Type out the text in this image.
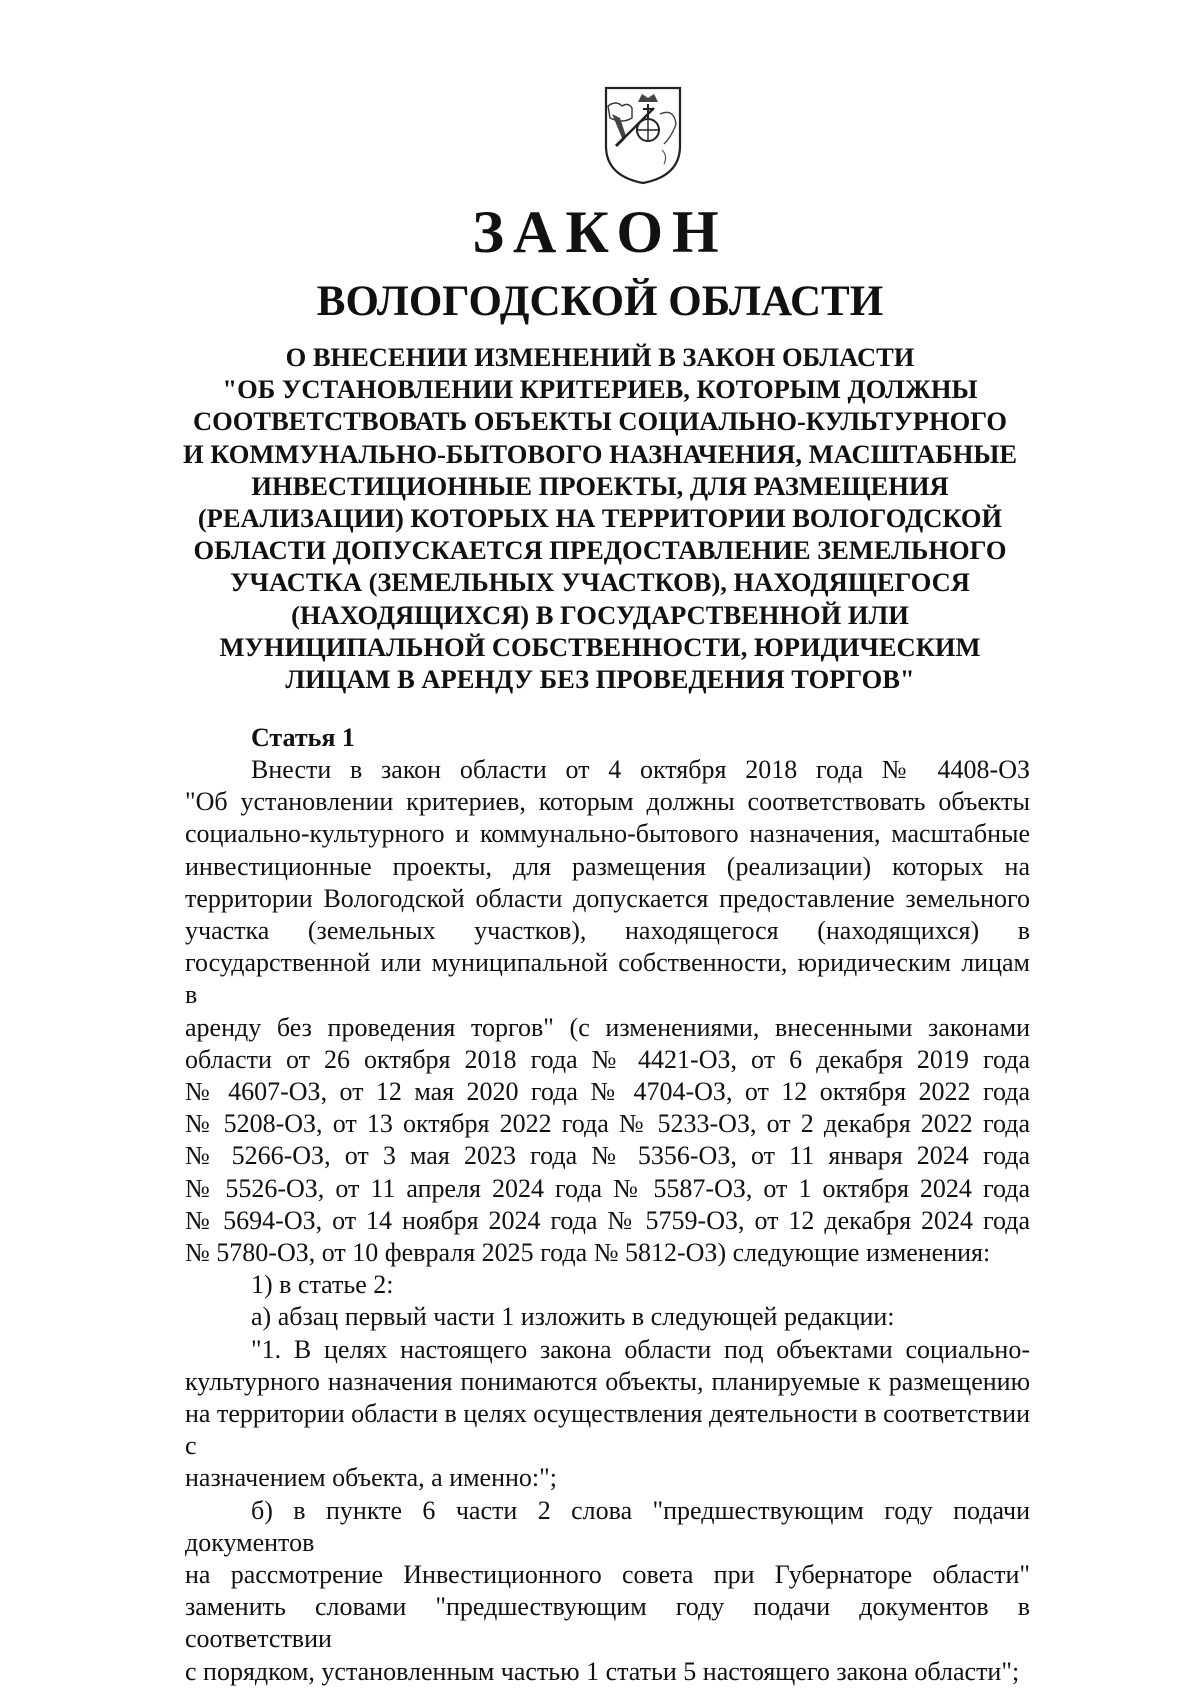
ЗАКОН
ВОЛОГОДСКОЙ ОБЛАСТИ
О ВНЕСЕНИИ ИЗМЕНЕНИЙ В ЗАКОН ОБЛАСТИ
"ОБ УСТАНОВЛЕНИИ КРИТЕРИЕВ, КОТОРЫМ ДОЛЖНЫ
СООТВЕТСТВОВАТЬ ОБЪЕКТЫ СОЦИАЛЬНО-КУЛЬТУРНОГО
И КОММУНАЛЬНО-БЫТОВОГО НАЗНАЧЕНИЯ, МАСШТАБНЫЕ
ИНВЕСТИЦИОННЫЕ ПРОЕКТЫ, ДЛЯ РАЗМЕЩЕНИЯ
(РЕАЛИЗАЦИИ) КОТОРЫХ НА ТЕРРИТОРИИ ВОЛОГОДСКОЙ
ОБЛАСТИ ДОПУСКАЕТСЯ ПРЕДОСТАВЛЕНИЕ ЗЕМЕЛЬНОГО
УЧАСТКА (ЗЕМЕЛЬНЫХ УЧАСТКОВ), НАХОДЯЩЕГОСЯ
(НАХОДЯЩИХСЯ) В ГОСУДАРСТВЕННОЙ ИЛИ
МУНИЦИПАЛЬНОЙ СОБСТВЕННОСТИ, ЮРИДИЧЕСКИМ
ЛИЦАМ В АРЕНДУ БЕЗ ПРОВЕДЕНИЯ ТОРГОВ"
Статья 1
Внести в закон области от 4 октября 2018 года № 4408-ОЗ
"Об установлении критериев, которым должны соответствовать объекты
социально-культурного и коммунально-бытового назначения, масштабные
инвестиционные проекты, для размещения (реализации) которых на
территории Вологодской области допускается предоставление земельного
участка (земельных участков), находящегося (находящихся) в
государственной или муниципальной собственности, юридическим лицам в
аренду без проведения торгов" (с изменениями, внесенными законами
области от 26 октября 2018 года № 4421-ОЗ, от 6 декабря 2019 года
№ 4607-ОЗ, от 12 мая 2020 года № 4704-ОЗ, от 12 октября 2022 года
№ 5208-ОЗ, от 13 октября 2022 года № 5233-ОЗ, от 2 декабря 2022 года
№ 5266-ОЗ, от 3 мая 2023 года № 5356-ОЗ, от 11 января 2024 года
№ 5526-ОЗ, от 11 апреля 2024 года № 5587-ОЗ, от 1 октября 2024 года
№ 5694-ОЗ, от 14 ноября 2024 года № 5759-ОЗ, от 12 декабря 2024 года
№ 5780-ОЗ, от 10 февраля 2025 года № 5812-ОЗ) следующие изменения:
1) в статье 2:
а) абзац первый части 1 изложить в следующей редакции:
"1. В целях настоящего закона области под объектами социально-
культурного назначения понимаются объекты, планируемые к размещению
на территории области в целях осуществления деятельности в соответствии с
назначением объекта, а именно:";
б) в пункте 6 части 2 слова "предшествующим году подачи документов
на рассмотрение Инвестиционного совета при Губернаторе области"
заменить словами "предшествующим году подачи документов в соответствии
с порядком, установленным частью 1 статьи 5 настоящего закона области";
